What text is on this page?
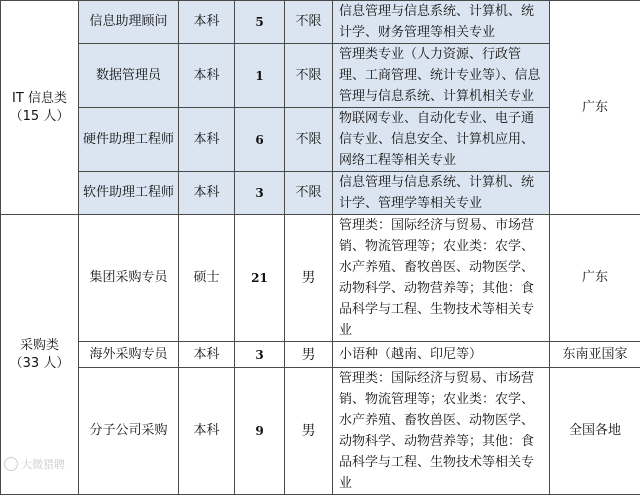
IT 信息类
（15 人）	信息助理顾问	本科	5	不限	信息管理与信息系统、计算机、统计学、财务管理等相关专业	广东
	数据管理员	本科	1	不限	管理类专业（人力资源、行政管理、工商管理、统计专业等）、信息管理与信息系统、计算机相关专业	
	硬件助理工程师	本科	6	不限	物联网专业、自动化专业、电子通信专业、信息安全、计算机应用、网络工程等相关专业	
	软件助理工程师	本科	3	不限	信息管理与信息系统、计算机、统计学、管理学等相关专业	
采购类
（33 人）	集团采购专员	硕士	21	男	管理类：国际经济与贸易、市场营销、物流管理等；农业类：农学、水产养殖、畜牧兽医、动物医学、动物科学、动物营养等；其他：食品科学与工程、生物技术等相关专业	广东
	海外采购专员	本科	3	男	小语种（越南、印尼等）	东南亚国家
	分子公司采购	本科	9	男	管理类：国际经济与贸易、市场营销、物流管理等；农业类：农学、水产养殖、畜牧兽医、动物医学、动物科学、动物营养等；其他：食品科学与工程、生物技术等相关专业	全国各地
大微猎聘
